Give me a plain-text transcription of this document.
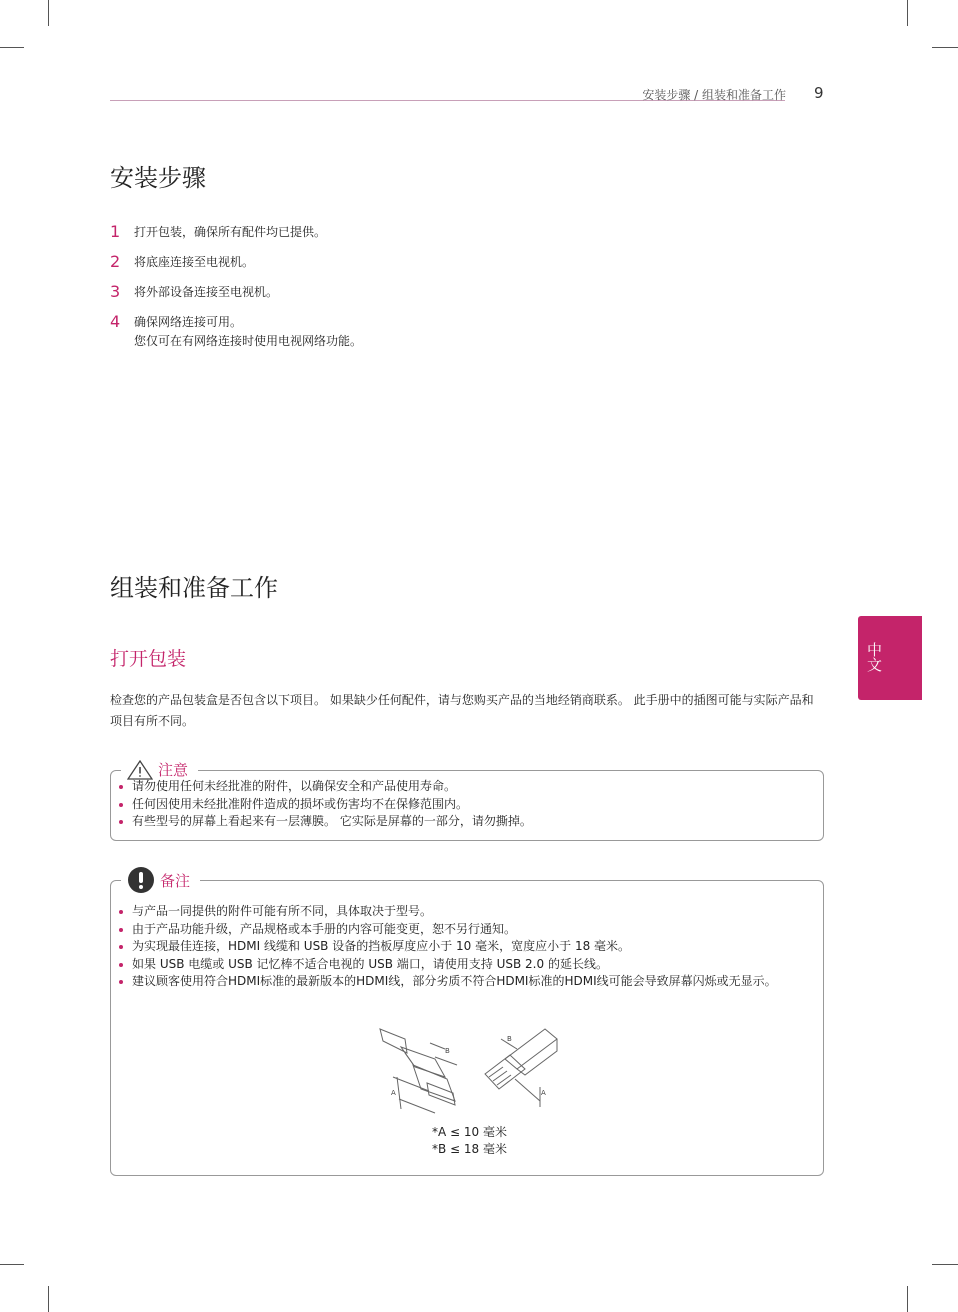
安装步骤 / 组装和准备工作 9
安装步骤
1	打开包装，确保所有配件均已提供。
2	将底座连接至电视机。
3	将外部设备连接至电视机。
4	确保网络连接可用。
您仅可在有网络连接时使用电视网络功能。
组装和准备工作
打开包装
检查您的产品包装盒是否包含以下项目。 如果缺少任何配件，请与您购买产品的当地经销商联系。 此手册中的插图可能与实际产品和项目有所不同。
注意
请勿使用任何未经批准的附件，以确保安全和产品使用寿命。
任何因使用未经批准附件造成的损坏或伤害均不在保修范围内。
有些型号的屏幕上看起来有一层薄膜。 它实际是屏幕的一部分，请勿撕掉。
备注
与产品一同提供的附件可能有所不同，具体取决于型号。
由于产品功能升级，产品规格或本手册的内容可能变更，恕不另行通知。
为实现最佳连接，HDMI 线缆和 USB 设备的挡板厚度应小于 10 毫米，宽度应小于 18 毫米。
如果 USB 电缆或 USB 记忆棒不适合电视的 USB 端口，请使用支持 USB 2.0 的延长线。
建议顾客使用符合HDMI标准的最新版本的HDMI线，部分劣质不符合HDMI标准的HDMI线可能会导致屏幕闪烁或无显示。
A
B
B
A
*A ≤ 10 毫米
*B ≤ 18 毫米
中文
